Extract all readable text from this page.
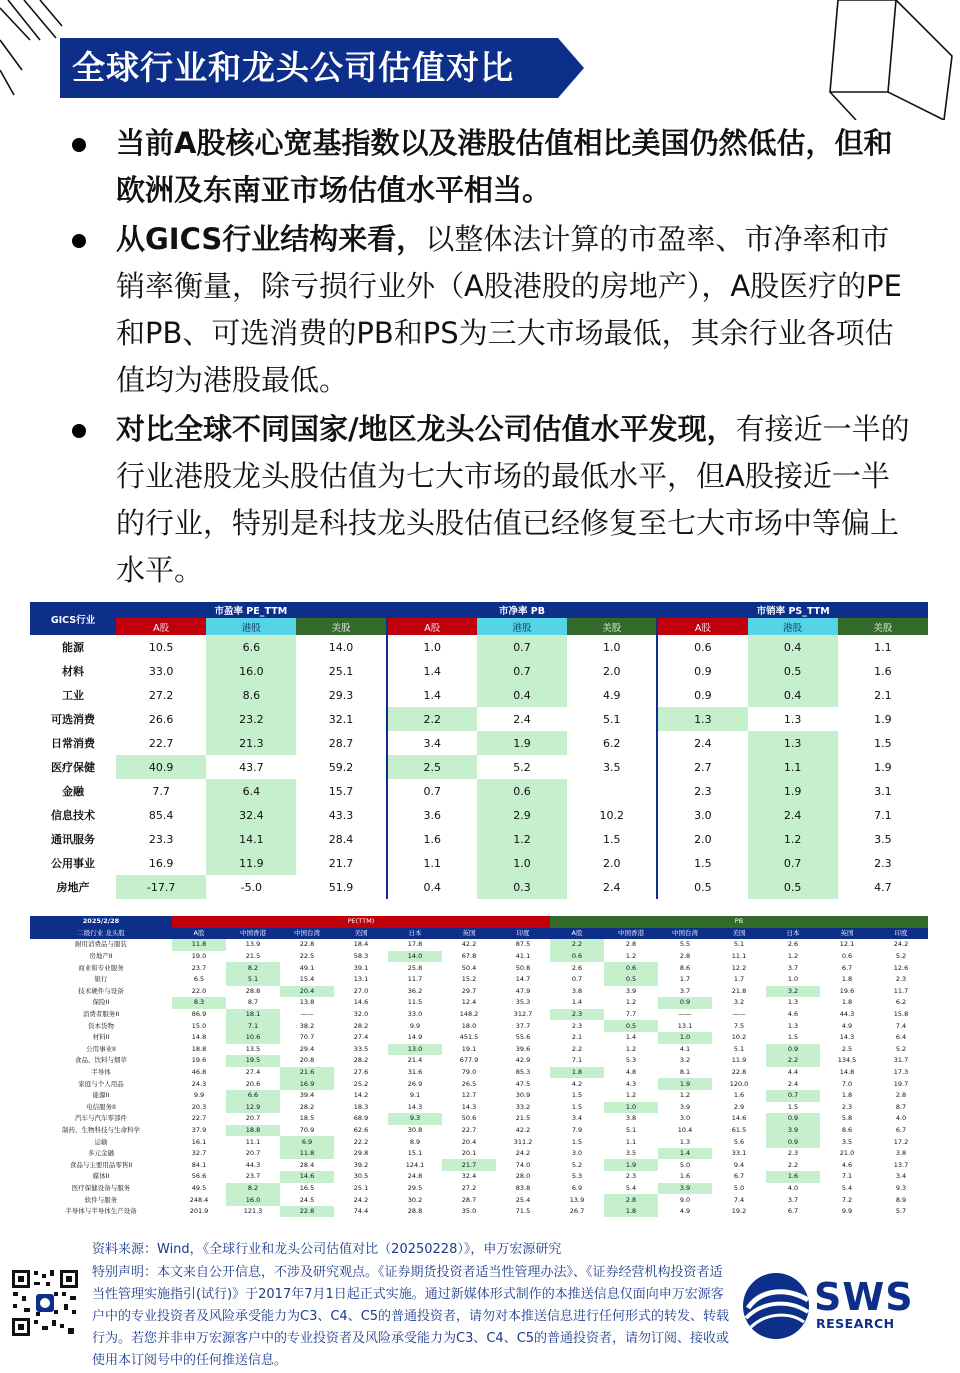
全球行业和龙头公司估值对比
当前A股核心宽基指数以及港股估值相比美国仍然低估，但和欧洲及东南亚市场估值水平相当。
从GICS行业结构来看，以整体法计算的市盈率、市净率和市销率衡量，除亏损行业外（A股港股的房地产），A股医疗的PE和PB、可选消费的PB和PS为三大市场最低，其余行业各项估值均为港股最低。
对比全球不同国家/地区龙头公司估值水平发现，有接近一半的行业港股龙头股估值为七大市场的最低水平，但A股接近一半的行业，特别是科技龙头股估值已经修复至七大市场中等偏上水平。
GICS行业	市盈率 PE_TTM			市净率 PB			市销率 PS_TTM		
	A股	港股	美股	A股	港股	美股	A股	港股	美股
能源	10.5	6.6	14.0	1.0	0.7	1.0	0.6	0.4	1.1
材料	33.0	16.0	25.1	1.4	0.7	2.0	0.9	0.5	1.6
工业	27.2	8.6	29.3	1.4	0.4	4.9	0.9	0.4	2.1
可选消费	26.6	23.2	32.1	2.2	2.4	5.1	1.3	1.3	1.9
日常消费	22.7	21.3	28.7	3.4	1.9	6.2	2.4	1.3	1.5
医疗保健	40.9	43.7	59.2	2.5	5.2	3.5	2.7	1.1	1.9
金融	7.7	6.4	15.7	0.7	0.6		2.3	1.9	3.1
信息技术	85.4	32.4	43.3	3.6	2.9	10.2	3.0	2.4	7.1
通讯服务	23.3	14.1	28.4	1.6	1.2	1.5	2.0	1.2	3.5
公用事业	16.9	11.9	21.7	1.1	1.0	2.0	1.5	0.7	2.3
房地产	-17.7	-5.0	51.9	0.4	0.3	2.4	0.5	0.5	4.7
2025/2/28	PE(TTM)							PB						
二级行业 龙头股	A股	中国香港	中国台湾	美国	日本	英国	印度	A股	中国香港	中国台湾	美国	日本	英国	印度
耐用消费品与服装	11.8	13.9	22.8	18.4	17.8	42.2	87.5	2.2	2.8	5.5	5.1	2.6	12.1	24.2
房地产II	19.0	21.5	22.5	58.3	14.0	67.8	41.1	0.6	1.2	2.8	11.1	1.2	0.6	5.2
商业和专业服务	23.7	8.2	49.1	39.1	25.8	50.4	50.8	2.6	0.6	8.6	12.2	3.7	6.7	12.6
银行	6.5	5.1	15.4	13.1	11.7	15.2	14.7	0.7	0.5	1.7	1.7	1.0	1.8	2.3
技术硬件与设备	22.0	28.8	20.4	27.0	36.2	29.7	47.9	3.8	3.9	3.7	21.8	3.2	19.6	11.7
保险II	8.3	8.7	13.8	14.6	11.5	12.4	35.3	1.4	1.2	0.9	3.2	1.3	1.8	6.2
消费者服务II	86.9	18.1	——	32.0	33.0	148.2	312.7	2.3	7.7	——	——	4.6	44.3	15.8
资本货物	15.0	7.1	38.2	28.2	9.9	18.0	37.7	2.3	0.5	13.1	7.5	1.3	4.9	7.4
材料II	14.8	10.6	70.7	27.4	14.9	451.5	55.6	2.1	1.4	1.0	10.2	1.5	14.3	6.4
公用事业II	18.8	13.5	29.4	33.5	13.0	19.1	39.6	2.2	1.2	4.1	5.1	0.9	2.5	5.2
食品、饮料与烟草	19.6	19.5	20.8	28.2	21.4	677.9	42.9	7.1	5.3	3.2	11.9	2.2	134.5	31.7
半导体	46.8	27.4	21.6	27.6	31.6	79.0	85.3	1.8	4.8	8.1	22.8	4.4	14.8	17.3
家庭与个人用品	24.3	20.6	16.9	25.2	26.9	26.5	47.5	4.2	4.3	1.9	120.0	2.4	7.0	19.7
能源II	9.9	6.6	39.4	14.2	9.1	12.7	30.9	1.5	1.2	1.2	1.6	0.7	1.8	2.8
电信服务II	20.3	12.9	28.2	18.3	14.3	14.3	33.2	1.5	1.0	3.9	2.9	1.5	2.3	8.7
汽车与汽车零部件	22.7	20.7	18.5	68.9	9.3	50.6	21.5	3.4	3.8	3.0	14.6	0.9	5.8	4.0
制药、生物科技与生命科学	37.9	18.8	70.9	62.6	30.8	22.7	42.2	7.9	5.1	10.4	61.5	3.9	8.6	6.7
运输	16.1	11.1	6.9	22.2	8.9	20.4	311.2	1.5	1.1	1.3	5.6	0.9	3.5	17.2
多元金融	32.7	20.7	11.8	29.8	15.1	20.1	24.2	3.0	3.5	1.4	33.1	2.3	21.0	3.8
食品与主要用品零售II	84.1	44.3	28.4	39.2	124.1	21.7	74.0	5.2	1.9	5.0	9.4	2.2	4.6	13.7
媒体II	56.6	23.7	14.6	30.5	24.8	32.4	28.0	5.3	2.3	1.6	6.7	1.6	7.1	3.4
医疗保健设备与服务	49.5	8.2	16.5	25.1	29.5	27.2	83.8	6.9	5.4	3.9	5.0	4.0	5.4	9.3
软件与服务	248.4	16.0	24.5	24.2	30.2	28.7	25.4	13.9	2.8	9.0	7.4	3.7	7.2	8.9
半导体与半导体生产设备	201.9	121.3	22.8	74.4	28.8	35.0	71.5	26.7	1.8	4.9	19.2	6.7	9.9	5.7
资料来源：Wind，《全球行业和龙头公司估值对比（20250228）》，申万宏源研究
特别声明：本文来自公开信息，不涉及研究观点。《证券期货投资者适当性管理办法》、《证券经营机构投资者适当性管理实施指引(试行)》于2017年7月1日起正式实施。通过新媒体形式制作的本推送信息仅面向申万宏源客户中的专业投资者及风险承受能力为C3、C4、C5的普通投资者，请勿对本推送信息进行任何形式的转发、转载行为。若您并非申万宏源客户中的专业投资者及风险承受能力为C3、C4、C5的普通投资者，请勿订阅、接收或使用本订阅号中的任何推送信息。
SWS
RESEARCH
